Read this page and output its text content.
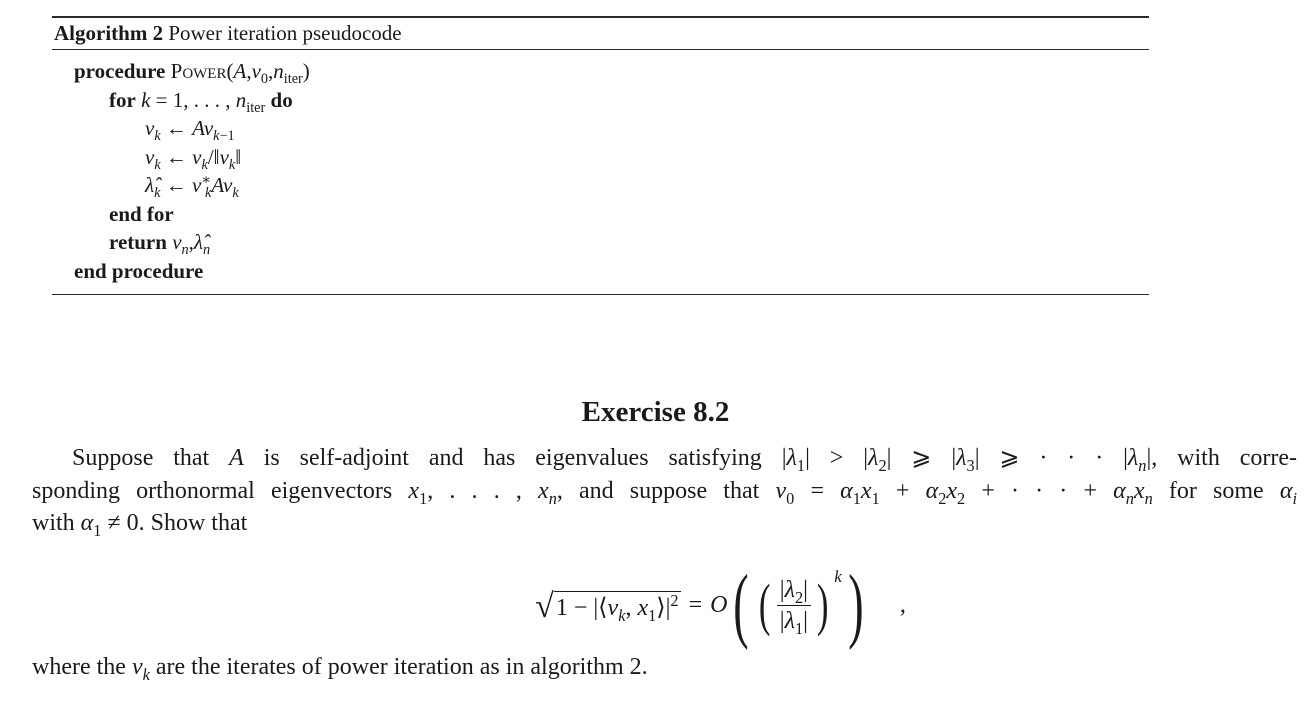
Algorithm 2 Power iteration pseudocode
procedure $Power(A,v_0,n_{iter})$
for k = 1, . . . , $n_{iter}$ do
$v_k$ ← $Av_{k-1}$
$v_k$ ← $v_k/‖v_k‖$
$\lambdâ_k$ ← $v^∗_kAv_k$
end for
return $v_n,\lambdâ_n$
end procedure
Exercise 8.2
Suppose that A is self-adjoint and has eigenvalues satisfying $|\lambda_1| > |\lambda_2|$ ⩾ $|\lambda_3|$ ⩾ · · · $|\lambda_n|$, with corre-
sponding orthonormal eigenvectors $x_1$, . . . , $x_n$, and suppose that $v_0 = \alpha_1x_1 + \alpha_2x_2$ + · · · + $\alpha_nx_n$ for some $\alpha_i$
with $\alpha_1 \ne 0$. Show that
√ $1 - |⟨v_k$, $x_1⟩|^2 = O$ ( ( $\frac{|\lambda_2|}{|\lambda_1|}$ ) k ) ,
where the $v_k$ are the iterates of power iteration as in algorithm 2.
